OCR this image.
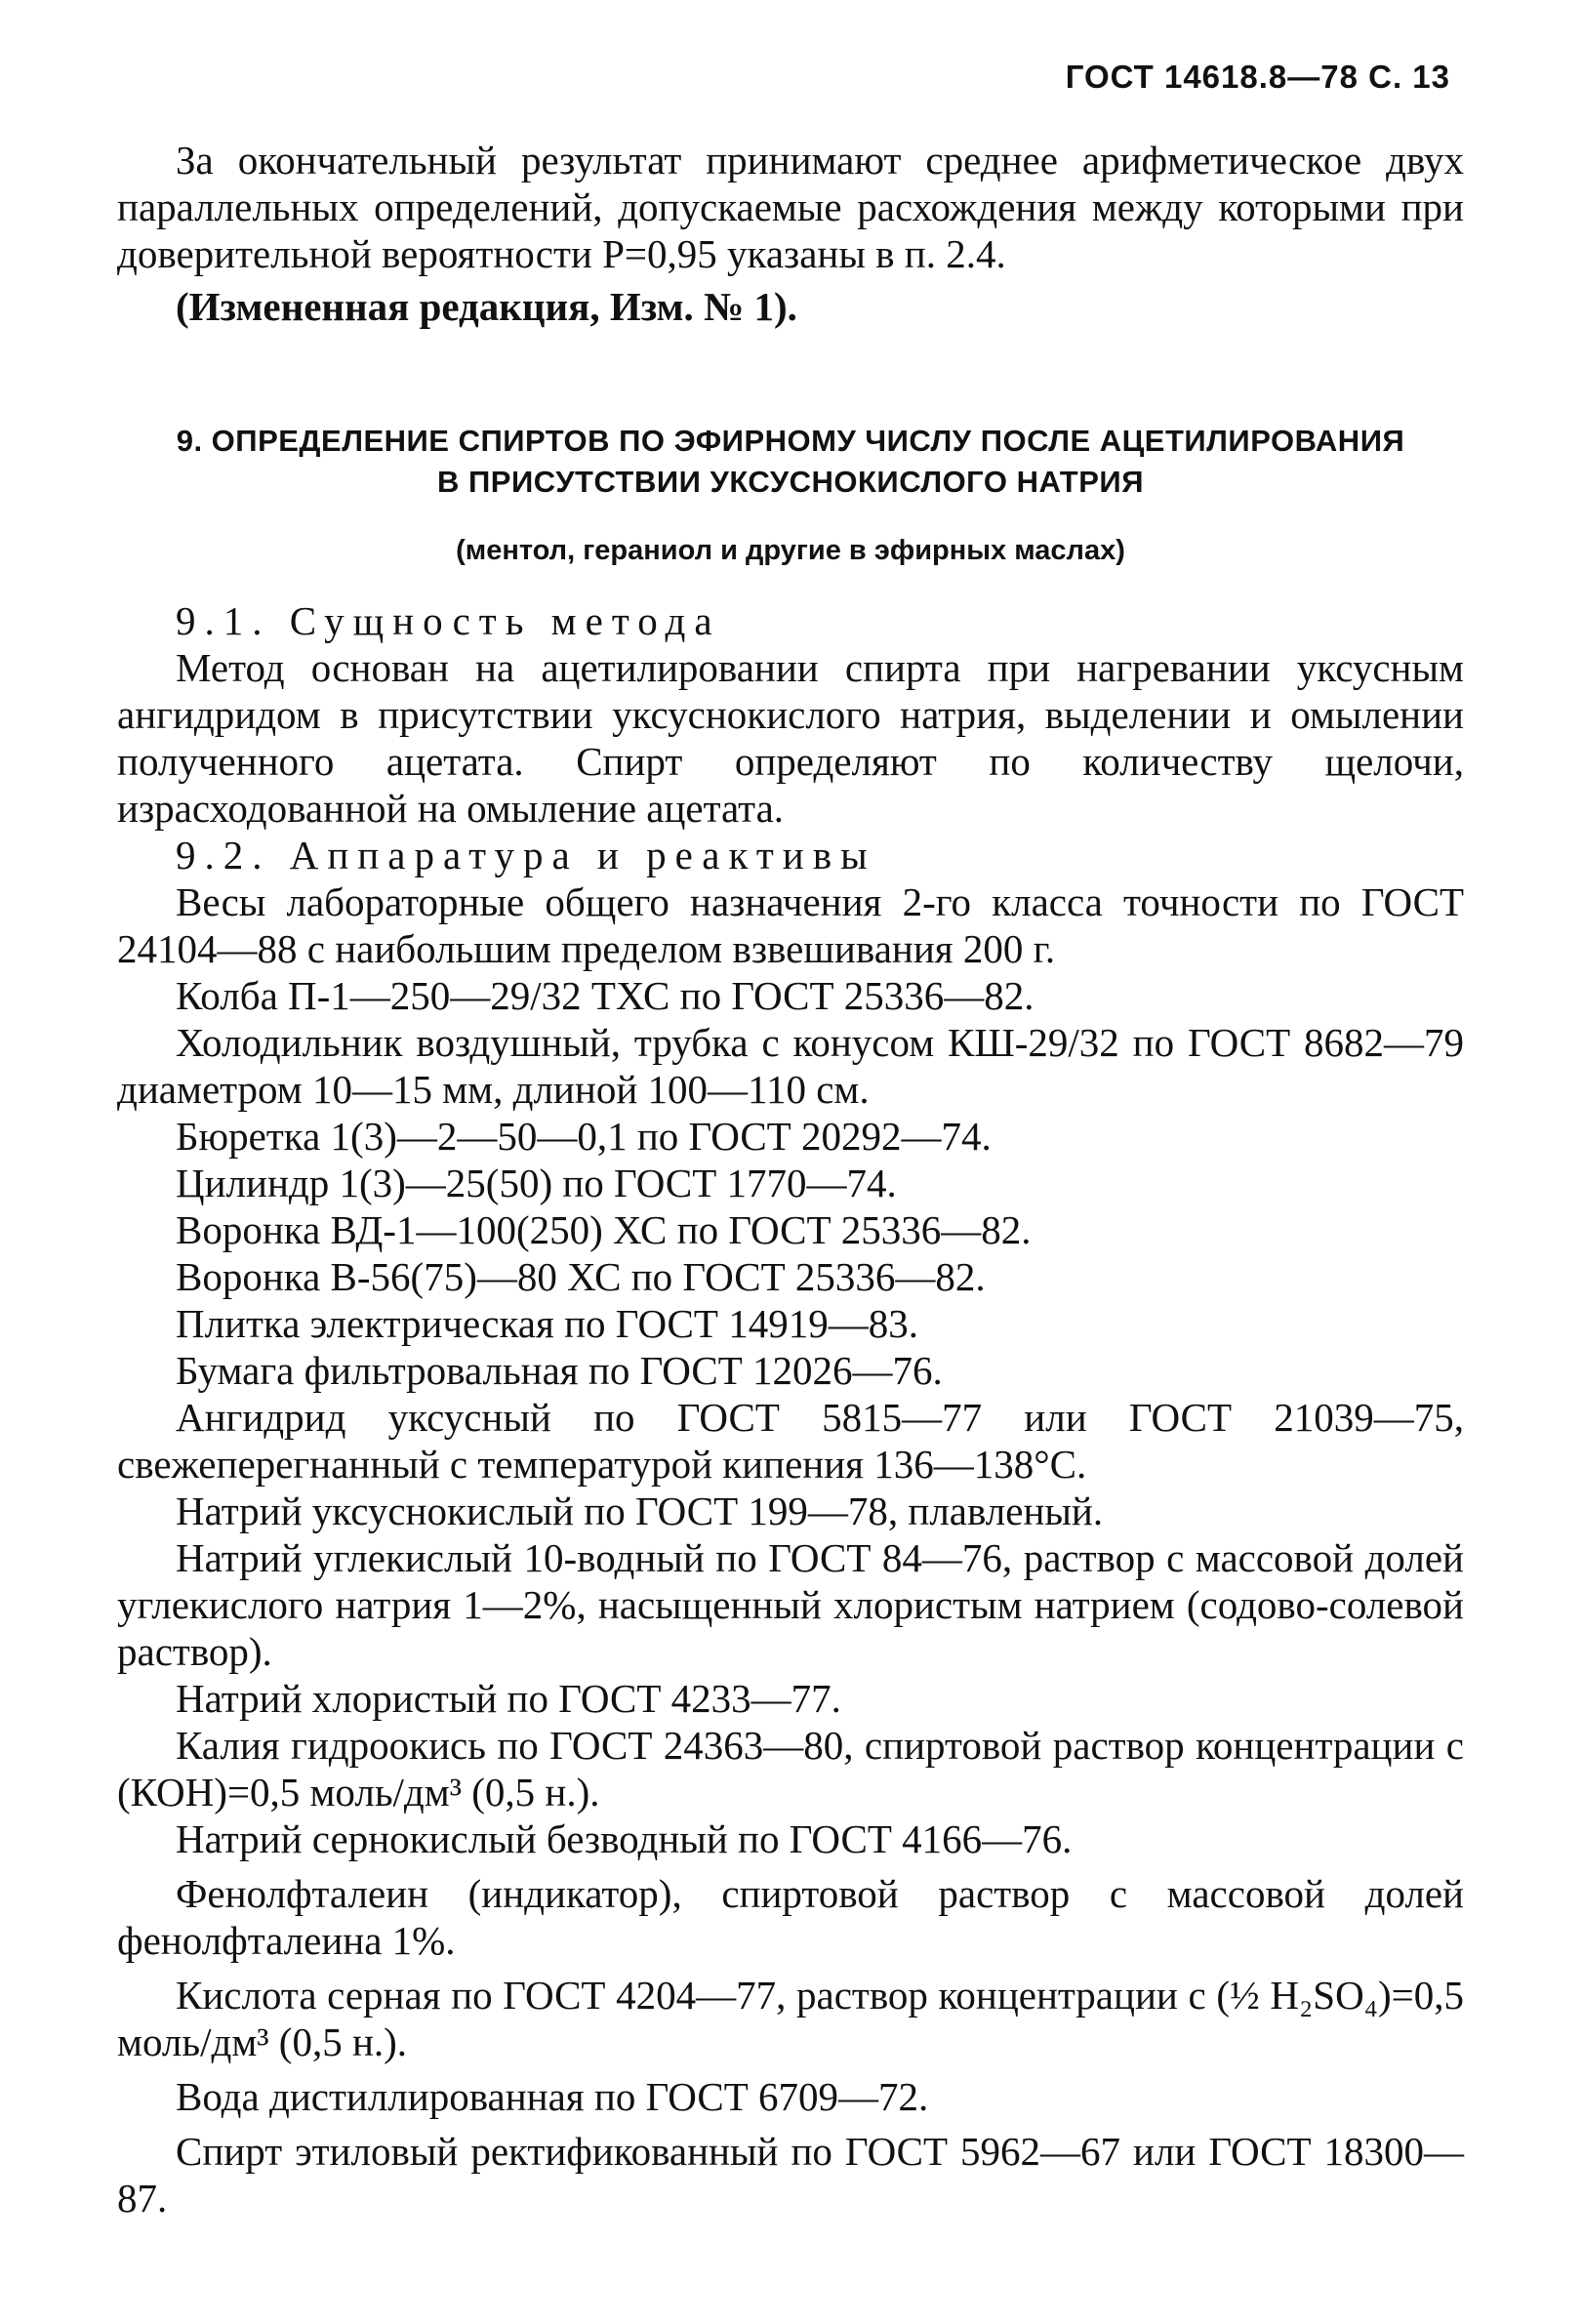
ГОСТ 14618.8—78 С. 13

За окончательный результат принимают среднее арифметическое двух параллельных определений, допускаемые расхождения между которыми при доверительной вероятности P=0,95 указаны в п. 2.4.

(Измененная редакция, Изм. № 1).

9. ОПРЕДЕЛЕНИЕ СПИРТОВ ПО ЭФИРНОМУ ЧИСЛУ ПОСЛЕ АЦЕТИЛИРОВАНИЯ
В ПРИСУТСТВИИ УКСУСНОКИСЛОГО НАТРИЯ
(ментол, гераниол и другие в эфирных маслах)

9.1. Сущность метода

Метод основан на ацетилировании спирта при нагревании уксусным ангидридом в присутствии уксуснокислого натрия, выделении и омылении полученного ацетата. Спирт определяют по количеству щелочи, израсходованной на омыление ацетата.

9.2. Аппаратура и реактивы

Весы лабораторные общего назначения 2-го класса точности по ГОСТ 24104—88 с наибольшим пределом взвешивания 200 г.

Колба П-1—250—29/32 ТХС по ГОСТ 25336—82.

Холодильник воздушный, трубка с конусом КШ-29/32 по ГОСТ 8682—79 диаметром 10—15 мм, длиной 100—110 см.

Бюретка 1(3)—2—50—0,1 по ГОСТ 20292—74.

Цилиндр 1(3)—25(50) по ГОСТ 1770—74.

Воронка ВД-1—100(250) ХС по ГОСТ 25336—82.

Воронка В-56(75)—80 ХС по ГОСТ 25336—82.

Плитка электрическая по ГОСТ 14919—83.

Бумага фильтровальная по ГОСТ 12026—76.

Ангидрид уксусный по ГОСТ 5815—77 или ГОСТ 21039—75, свежеперегнанный с температурой кипения 136—138°С.

Натрий уксуснокислый по ГОСТ 199—78, плавленый.

Натрий углекислый 10-водный по ГОСТ 84—76, раствор с массовой долей углекислого натрия 1—2%, насыщенный хлористым натрием (содово-солевой раствор).

Натрий хлористый по ГОСТ 4233—77.

Калия гидроокись по ГОСТ 24363—80, спиртовой раствор концентрации c (КОН)=0,5 моль/дм³ (0,5 н.).

Натрий сернокислый безводный по ГОСТ 4166—76.

Фенолфталеин (индикатор), спиртовой раствор с массовой долей фенолфталеина 1%.

Кислота серная по ГОСТ 4204—77, раствор концентрации c (½ H₂SO₄)=0,5 моль/дм³ (0,5 н.).

Вода дистиллированная по ГОСТ 6709—72.

Спирт этиловый ректификованный по ГОСТ 5962—67 или ГОСТ 18300—87.
